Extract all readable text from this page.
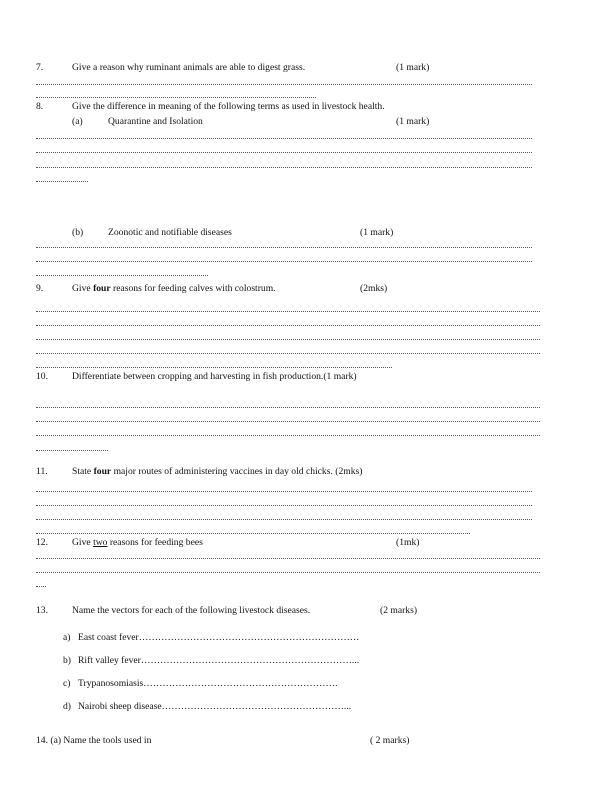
7.	Give a reason why ruminant animals are able to digest grass.	(1 mark)
8.	Give the difference in meaning of the following terms as used in livestock health.
(a)	Quarantine and Isolation	(1 mark)
(b)	Zoonotic and notifiable diseases	(1 mark)
9.	Give four reasons for feeding calves with colostrum.	(2mks)
10.	Differentiate between cropping and harvesting in fish production.(1 mark)
11.	State four major routes of administering vaccines in day old chicks. (2mks)
12.	Give two reasons for feeding bees	(1mk)
13.	Name the vectors for each of the following livestock diseases.	(2 marks)
a) East coast fever……………………………………………………………
b) Rift valley fever…………………………………………………………...
c) Trypanosomiasis…………………………………………………….
d) Nairobi sheep disease…………………………………………………...
14. (a) Name the tools used in	( 2 marks)
